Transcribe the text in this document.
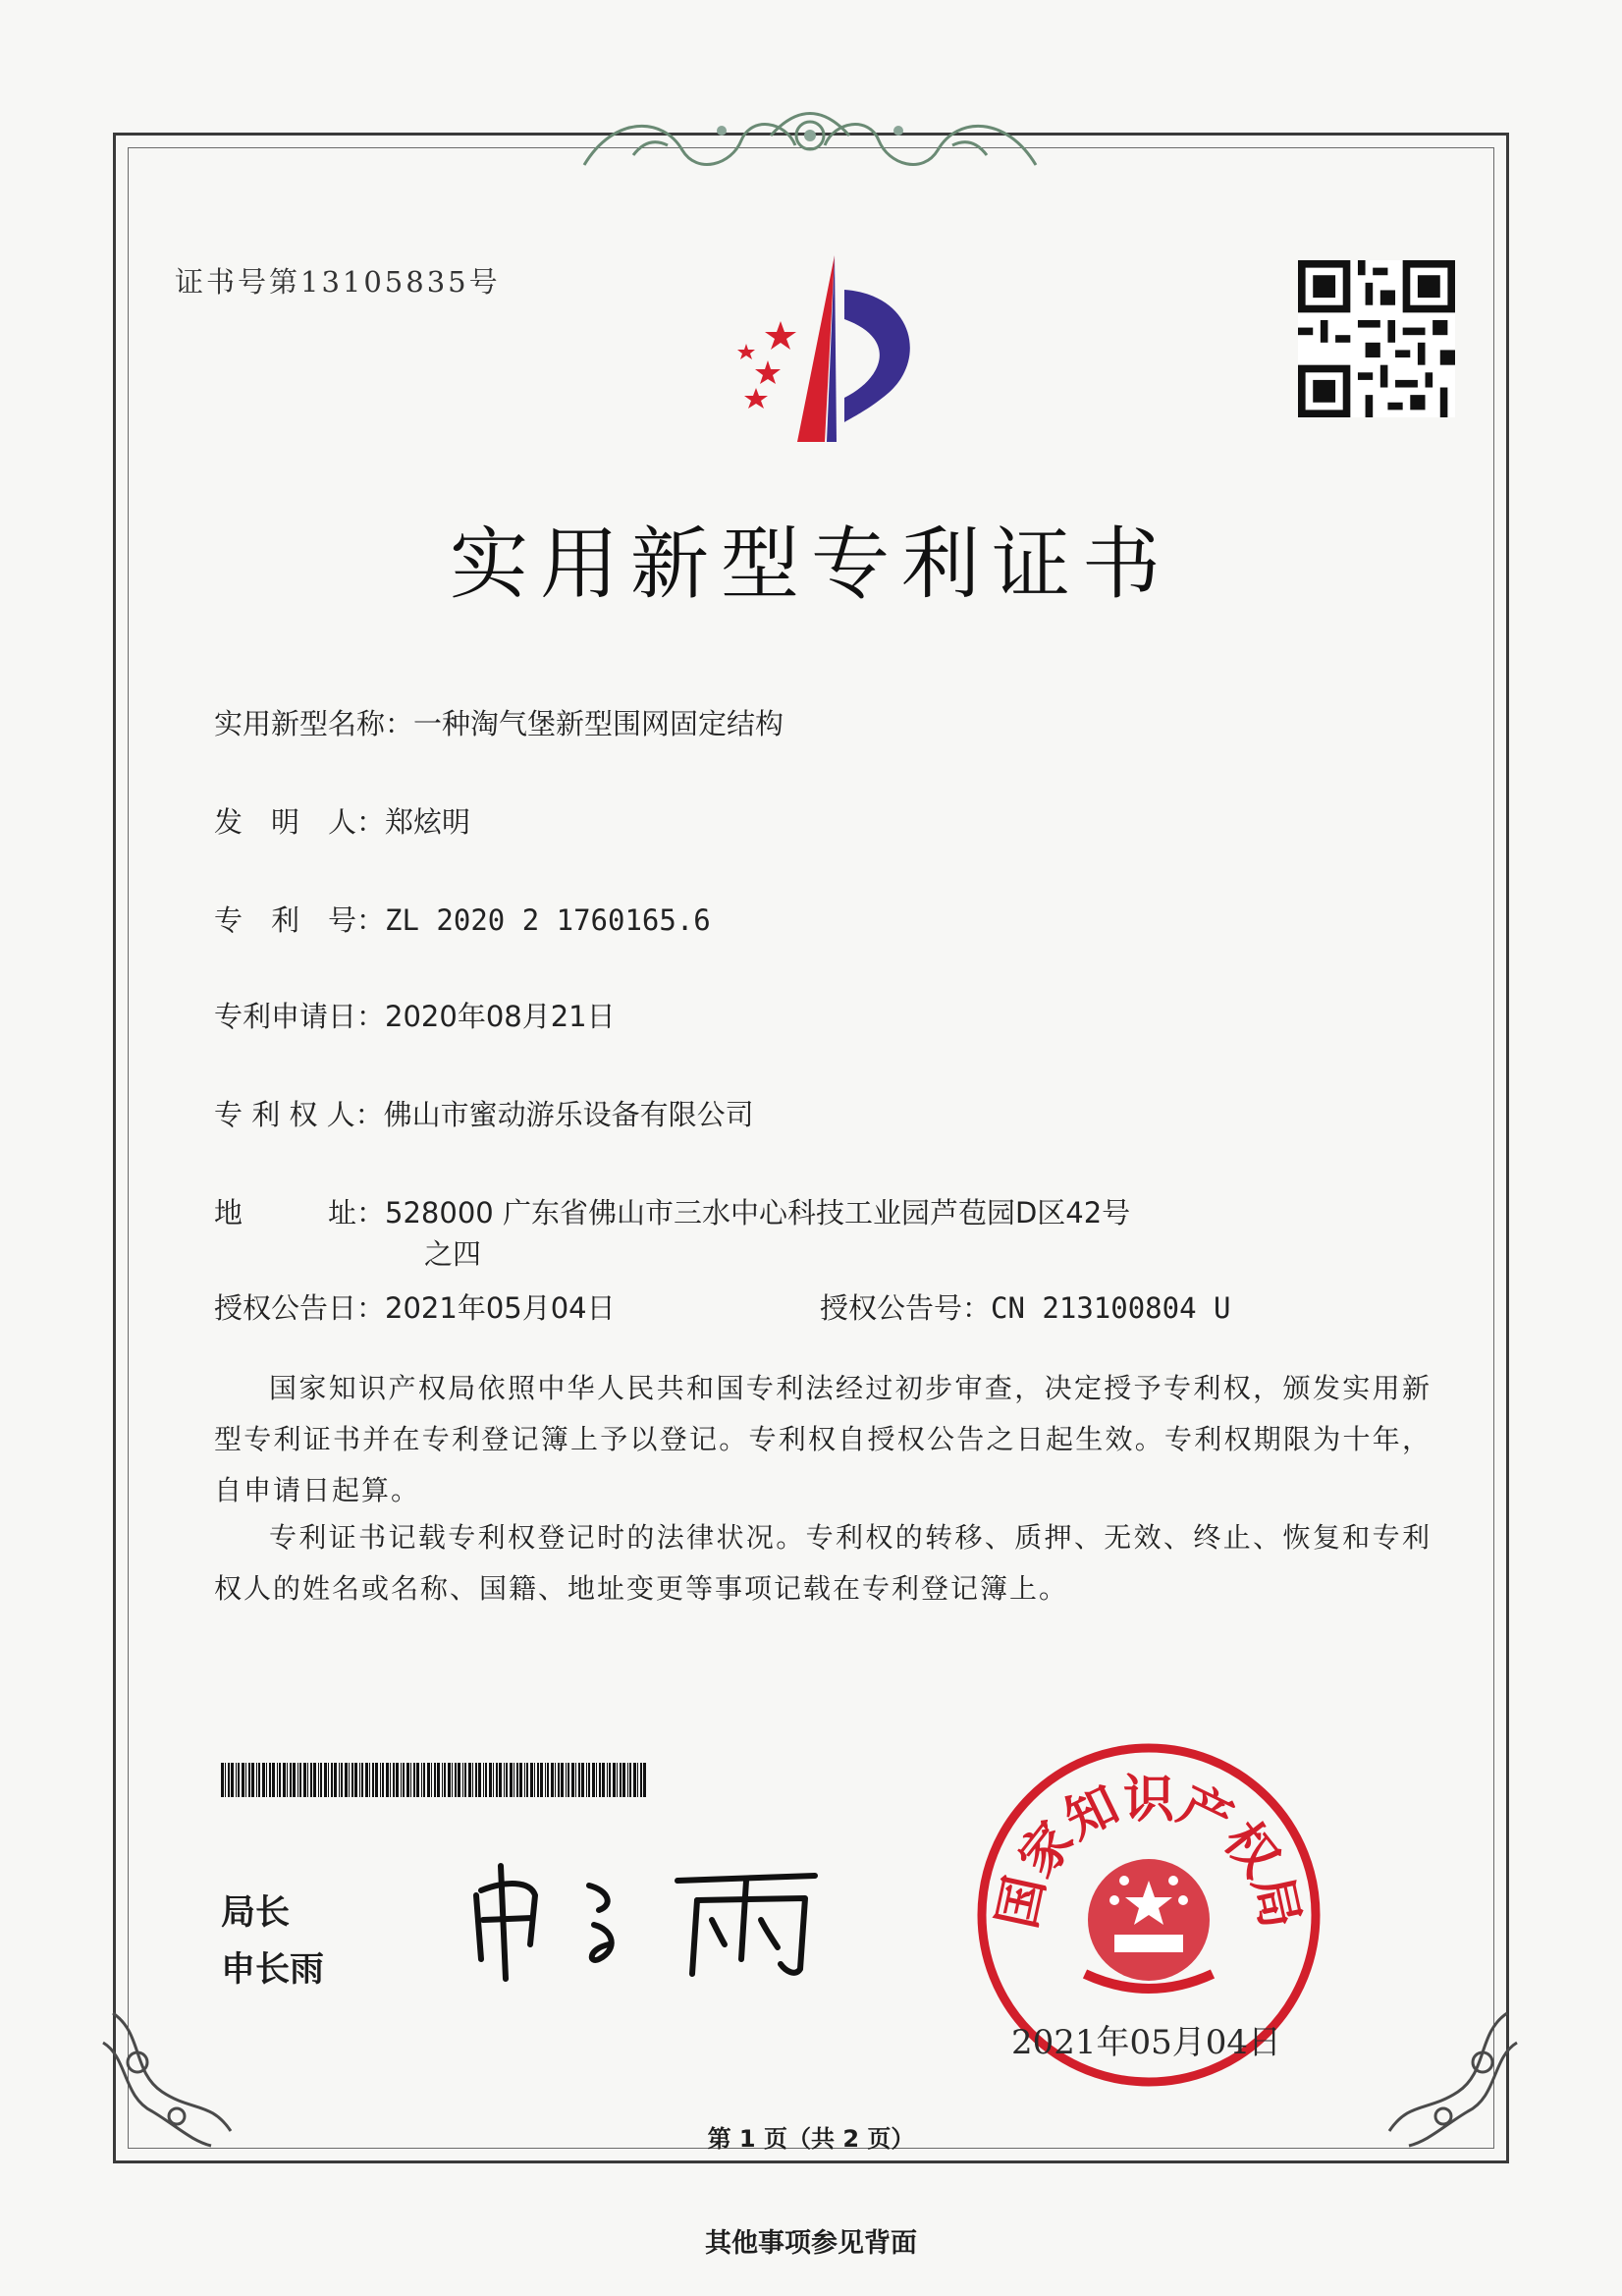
证书号第13105835号
实用新型专利证书
实用新型名称：一种淘气堡新型围网固定结构
发　明　人：郑炫明
专　利　号：ZL 2020 2 1760165.6
专利申请日：2020年08月21日
专 利 权 人：佛山市蜜动游乐设备有限公司
地　　　址：528000 广东省佛山市三水中心科技工业园芦苞园D区42号
之四
授权公告日：2021年05月04日	授权公告号：CN 213100804 U
国家知识产权局依照中华人民共和国专利法经过初步审查，决定授予专利权，颁发实用新型专利证书并在专利登记簿上予以登记。专利权自授权公告之日起生效。专利权期限为十年，自申请日起算。
专利证书记载专利权登记时的法律状况。专利权的转移、质押、无效、终止、恢复和专利权人的姓名或名称、国籍、地址变更等事项记载在专利登记簿上。
局长
申长雨
国家知识产权局
2021年05月04日
第 1 页（共 2 页）
其他事项参见背面
